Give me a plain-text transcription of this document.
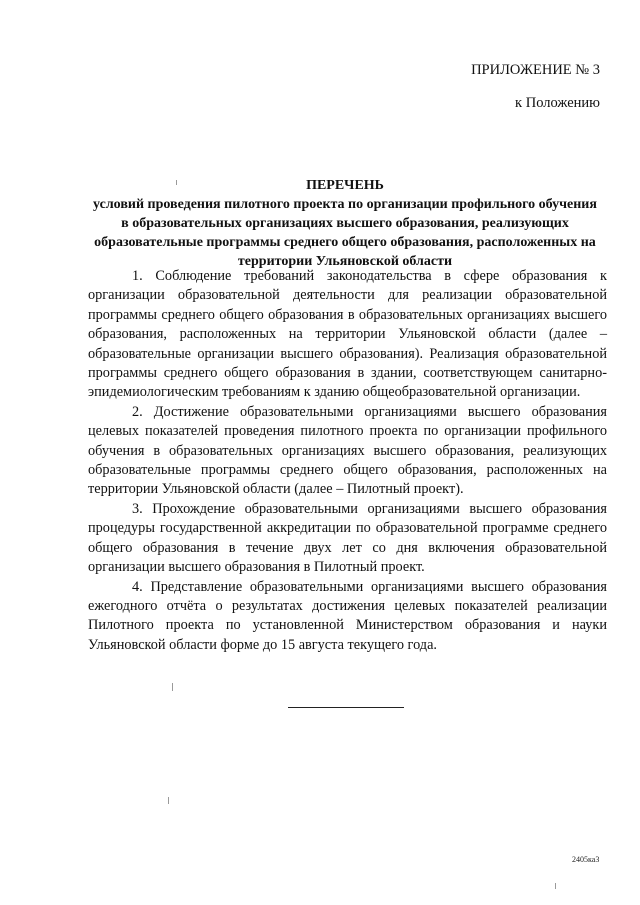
ПРИЛОЖЕНИЕ № 3
к Положению
ПЕРЕЧЕНЬ
условий проведения пилотного проекта по организации профильного обучения в образовательных организациях высшего образования, реализующих образовательные программы среднего общего образования, расположенных на территории Ульяновской области

1. Соблюдение требований законодательства в сфере образования к организации образовательной деятельности для реализации образовательной программы среднего общего образования в образовательных организациях высшего образования, расположенных на территории Ульяновской области (далее – образовательные организации высшего образования). Реализация образовательной программы среднего общего образования в здании, соответствующем санитарно-эпидемиологическим требованиям к зданию общеобразовательной организации.

2. Достижение образовательными организациями высшего образования целевых показателей проведения пилотного проекта по организации профильного обучения в образовательных организациях высшего образования, реализующих образовательные программы среднего общего образования, расположенных на территории Ульяновской области (далее – Пилотный проект).

3. Прохождение образовательными организациями высшего образования процедуры государственной аккредитации по образовательной программе среднего общего образования в течение двух лет со дня включения образовательной организации высшего образования в Пилотный проект.

4. Представление образовательными организациями высшего образования ежегодного отчёта о результатах достижения целевых показателей реализации Пилотного проекта по установленной Министерством образования и науки Ульяновской области форме до 15 августа текущего года.

2405ка3
